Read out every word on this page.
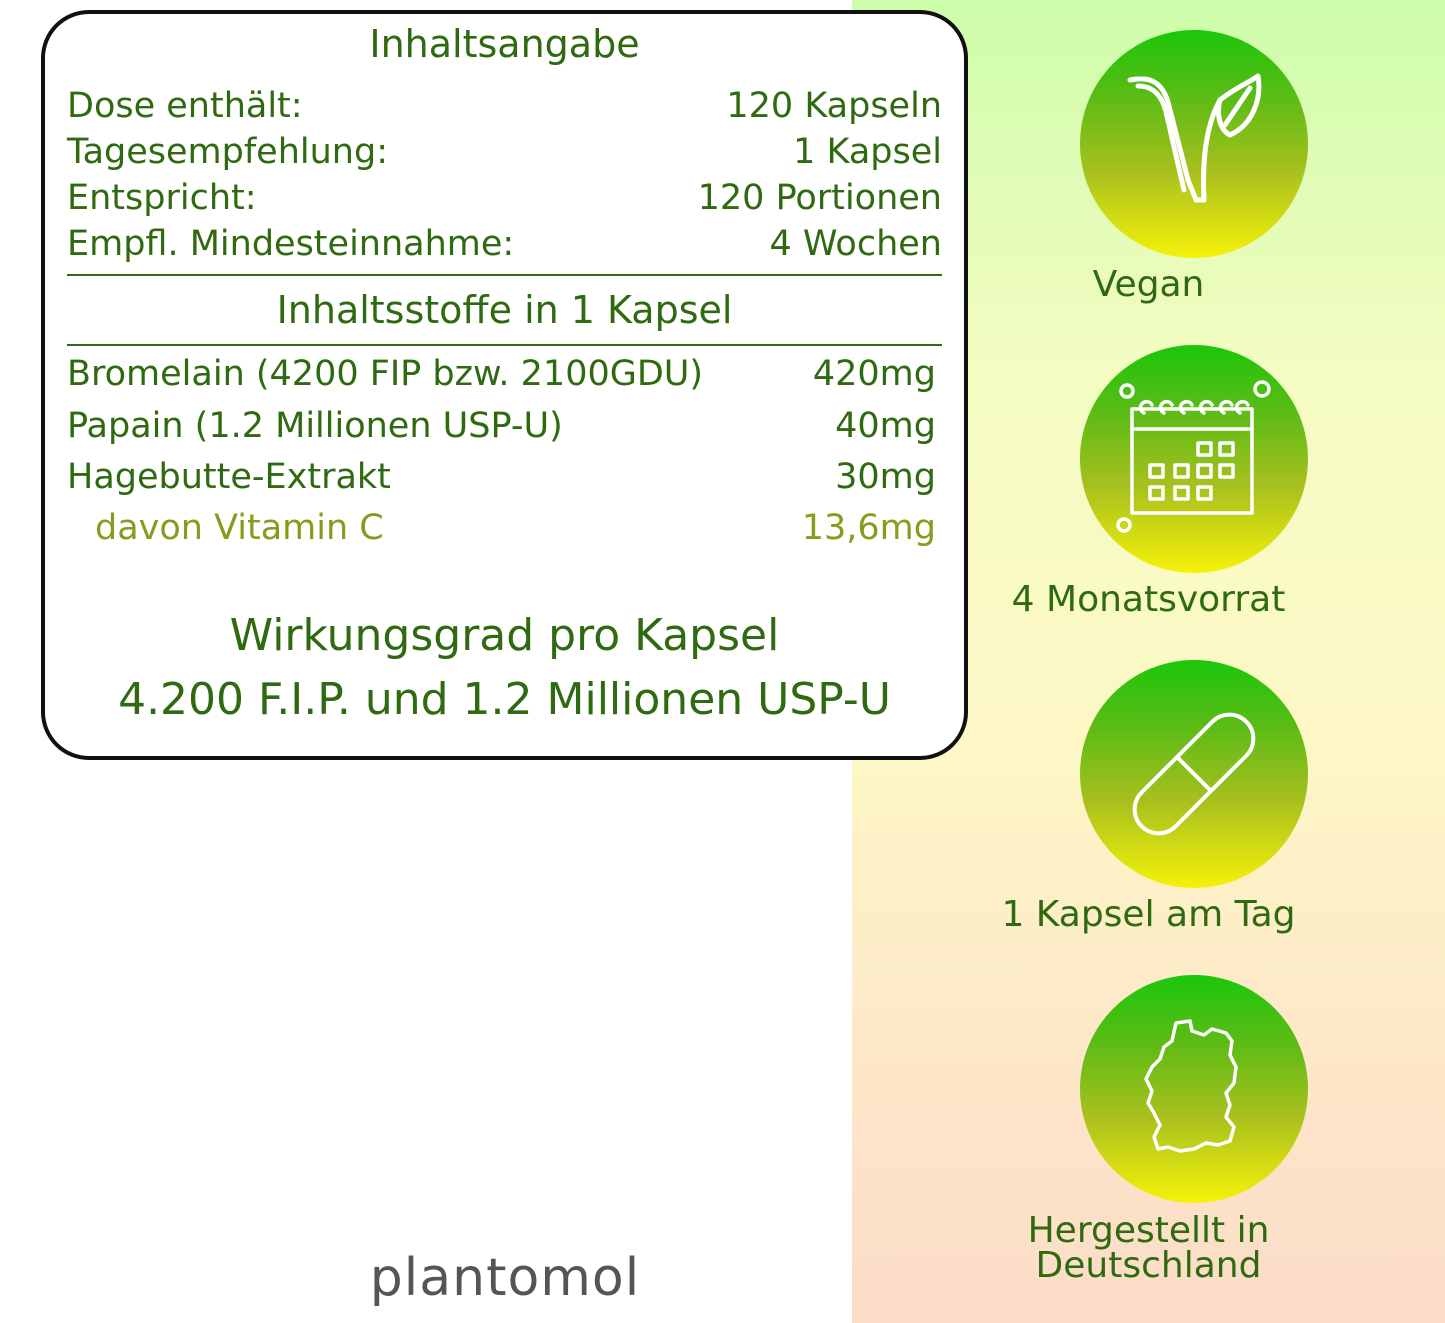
Inhaltsangabe
Dose enthält:	120 Kapseln
Tagesempfehlung:	1 Kapsel
Entspricht:	120 Portionen
Empfl. Mindesteinnahme:	4 Wochen
Inhaltsstoffe in 1 Kapsel
Bromelain (4200 FIP bzw. 2100GDU)	420mg
Papain (1.2 Millionen USP-U)	40mg
Hagebutte-Extrakt	30mg
davon Vitamin C	13,6mg
Wirkungsgrad pro Kapsel
4.200 F.I.P. und 1.2 Millionen USP-U
Vegan
4 Monatsvorrat
1 Kapsel am Tag
Hergestellt in
Deutschland
plantomol
